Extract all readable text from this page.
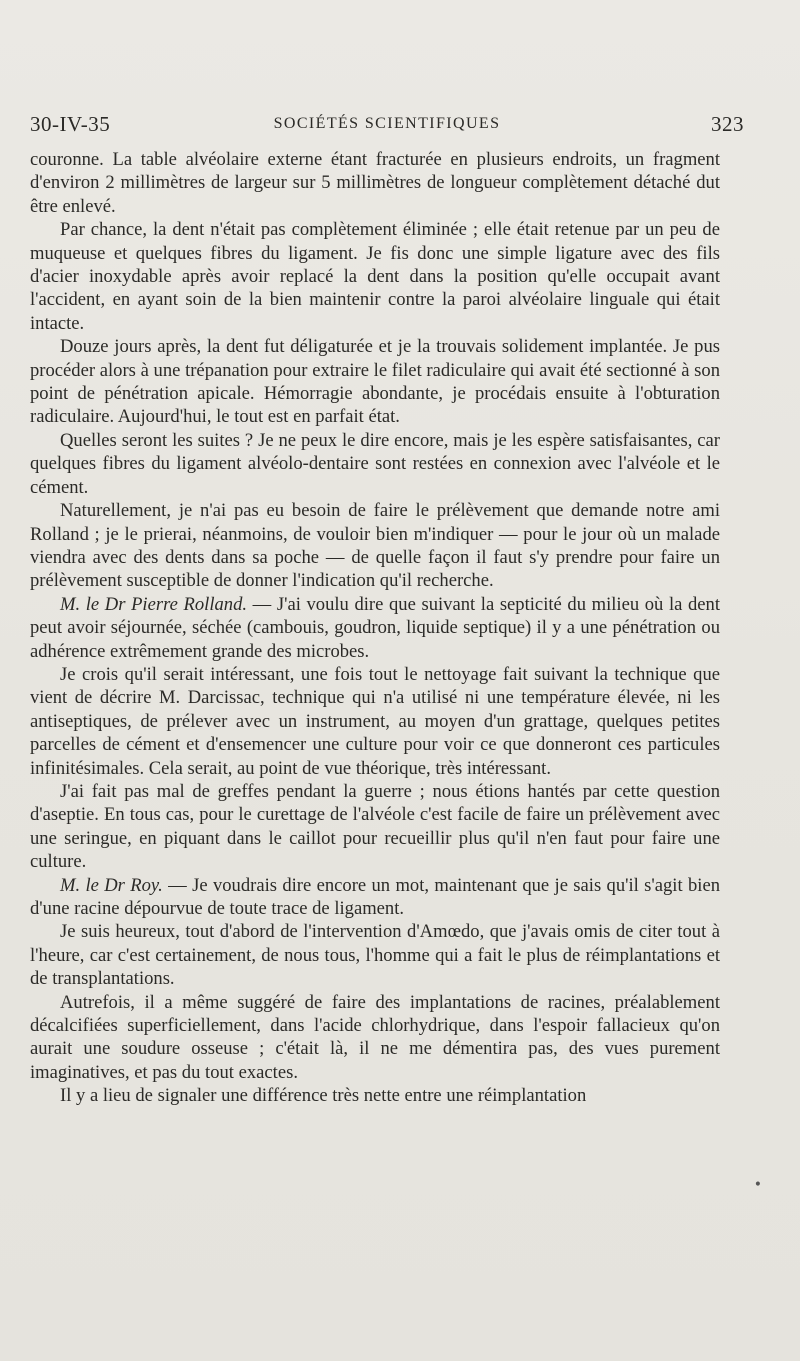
30-IV-35	SOCIÉTÉS SCIENTIFIQUES	323

couronne. La table alvéolaire externe étant fracturée en plusieurs endroits, un fragment d'environ 2 millimètres de largeur sur 5 millimètres de longueur complètement détaché dut être enlevé.

Par chance, la dent n'était pas complètement éliminée ; elle était retenue par un peu de muqueuse et quelques fibres du ligament. Je fis donc une simple ligature avec des fils d'acier inoxydable après avoir replacé la dent dans la position qu'elle occupait avant l'accident, en ayant soin de la bien maintenir contre la paroi alvéolaire linguale qui était intacte.

Douze jours après, la dent fut déligaturée et je la trouvais solidement implantée. Je pus procéder alors à une trépanation pour extraire le filet radiculaire qui avait été sectionné à son point de pénétration apicale. Hémorragie abondante, je procédais ensuite à l'obturation radiculaire. Aujourd'hui, le tout est en parfait état.

Quelles seront les suites ? Je ne peux le dire encore, mais je les espère satisfaisantes, car quelques fibres du ligament alvéolo-dentaire sont restées en connexion avec l'alvéole et le cément.

Naturellement, je n'ai pas eu besoin de faire le prélèvement que demande notre ami Rolland ; je le prierai, néanmoins, de vouloir bien m'indiquer — pour le jour où un malade viendra avec des dents dans sa poche — de quelle façon il faut s'y prendre pour faire un prélèvement susceptible de donner l'indication qu'il recherche.

M. le Dr Pierre Rolland. — J'ai voulu dire que suivant la septicité du milieu où la dent peut avoir séjournée, séchée (cambouis, goudron, liquide septique) il y a une pénétration ou adhérence extrêmement grande des microbes.

Je crois qu'il serait intéressant, une fois tout le nettoyage fait suivant la technique que vient de décrire M. Darcissac, technique qui n'a utilisé ni une température élevée, ni les antiseptiques, de prélever avec un instrument, au moyen d'un grattage, quelques petites parcelles de cément et d'ensemencer une culture pour voir ce que donneront ces particules infinitésimales. Cela serait, au point de vue théorique, très intéressant.

J'ai fait pas mal de greffes pendant la guerre ; nous étions hantés par cette question d'aseptie. En tous cas, pour le curettage de l'alvéole c'est facile de faire un prélèvement avec une seringue, en piquant dans le caillot pour recueillir plus qu'il n'en faut pour faire une culture.

M. le Dr Roy. — Je voudrais dire encore un mot, maintenant que je sais qu'il s'agit bien d'une racine dépourvue de toute trace de ligament.

Je suis heureux, tout d'abord de l'intervention d'Amœdo, que j'avais omis de citer tout à l'heure, car c'est certainement, de nous tous, l'homme qui a fait le plus de réimplantations et de transplantations.

Autrefois, il a même suggéré de faire des implantations de racines, préalablement décalcifiées superficiellement, dans l'acide chlorhydrique, dans l'espoir fallacieux qu'on aurait une soudure osseuse ; c'était là, il ne me démentira pas, des vues purement imaginatives, et pas du tout exactes.

Il y a lieu de signaler une différence très nette entre une réimplantation

•
